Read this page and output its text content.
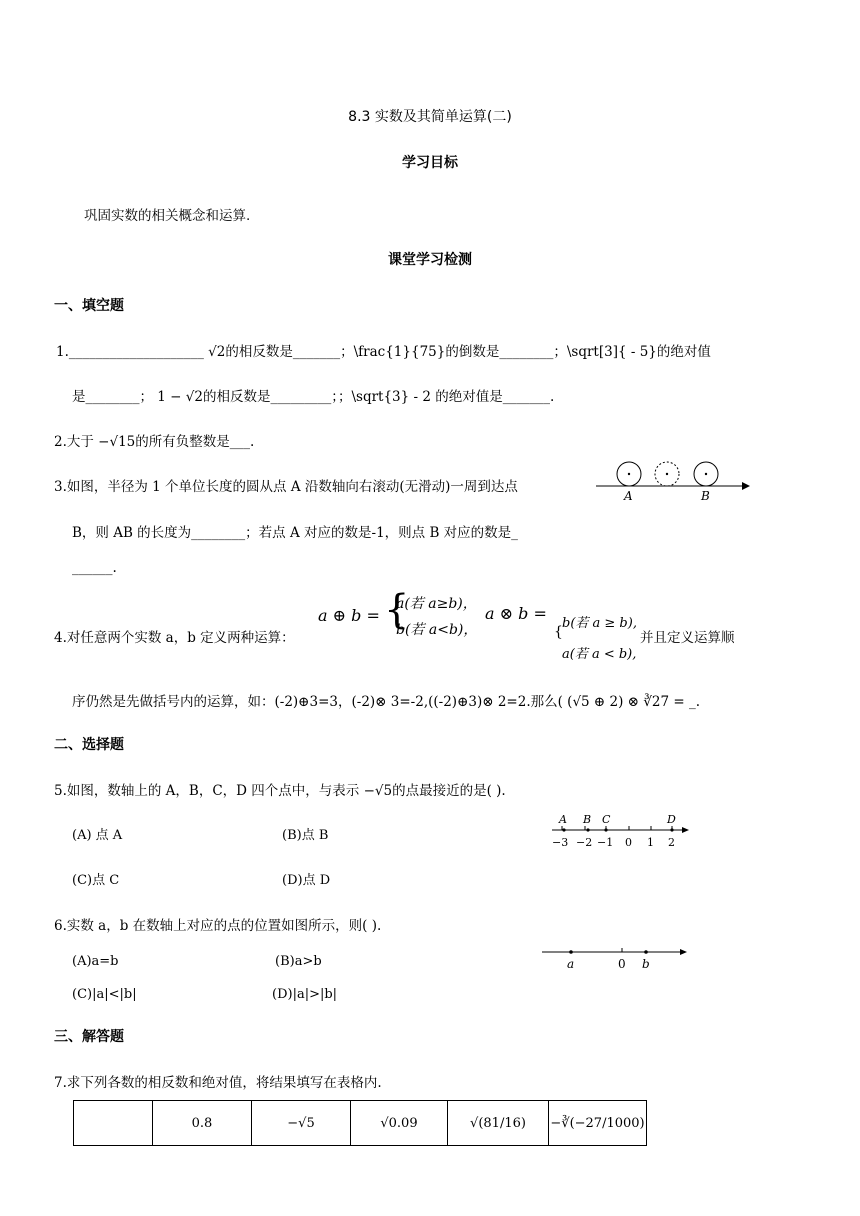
8.3 实数及其简单运算(二)
学习目标
巩固实数的相关概念和运算.
课堂学习检测
一、填空题
1.____________________ √2的相反数是_______；\frac{1}{75}的倒数是________；\sqrt[3]{ - 5}的绝对值
是________； 1 − √2的相反数是_________；；\sqrt{3} - 2 的绝对值是_______.
2.大于 −√15的所有负整数是___.
3.如图，半径为 1 个单位长度的圆从点 A 沿数轴向右滚动(无滑动)一周到达点
B，则 AB 的长度为________；若点 A 对应的数是-1，则点 B 对应的数是_
______.
A	B
4.对任意两个实数 a，b 定义两种运算：
a ⊕ b = {
a(若 a≥b)，
b(若 a<b)，
a ⊗ b =
{
b(若 a ≥ b),
a(若 a < b),
并且定义运算顺
序仍然是先做括号内的运算，如：(-2)⊕3=3，(-2)⊗ 3=-2,((-2)⊕3)⊗ 2=2.那么( (√5 ⊕ 2) ⊗ ∛27 = _.
二、选择题
5.如图，数轴上的 A，B，C，D 四个点中，与表示 −√5的点最接近的是( ).
(A) 点 A	(B)点 B
(C)点 C	(D)点 D
A B C	D
−3 −2 −1 0 1 2
6.实数 a，b 在数轴上对应的点的位置如图所示，则( ).
(A)a=b	(B)a>b
(C)|a|<|b|	(D)|a|>|b|
a	0 b
三、解答题
7.求下列各数的相反数和绝对值，将结果填写在表格内.
	0.8	−√5	√0.09	√(81/16)	−∛(−27/1000)
